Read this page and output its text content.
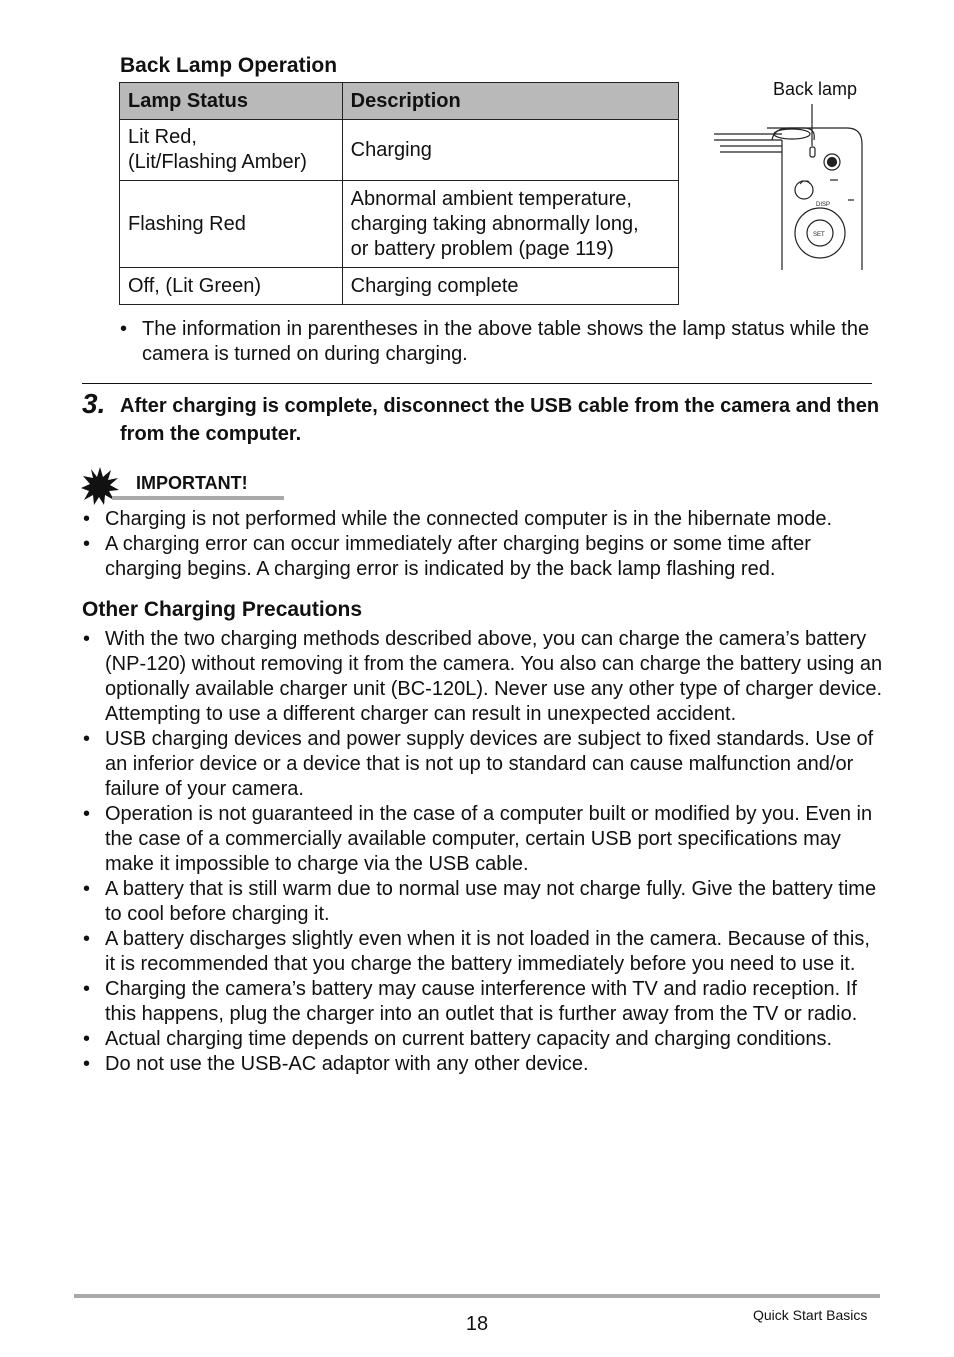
Back Lamp Operation
Lamp Status	Description
Lit Red,
(Lit/Flashing Amber)	Charging
Flashing Red	Abnormal ambient temperature,
charging taking abnormally long,
or battery problem (page 119)
Off, (Lit Green)	Charging complete
Back lamp
DISP
SET
• The information in parentheses in the above table shows the lamp status while the camera is turned on during charging.
3. After charging is complete, disconnect the USB cable from the camera and then from the computer.
IMPORTANT!
• Charging is not performed while the connected computer is in the hibernate mode.
• A charging error can occur immediately after charging begins or some time after charging begins. A charging error is indicated by the back lamp flashing red.
Other Charging Precautions
• With the two charging methods described above, you can charge the camera’s battery (NP-120) without removing it from the camera. You also can charge the battery using an optionally available charger unit (BC-120L). Never use any other type of charger device. Attempting to use a different charger can result in unexpected accident.
• USB charging devices and power supply devices are subject to fixed standards. Use of an inferior device or a device that is not up to standard can cause malfunction and/or failure of your camera.
• Operation is not guaranteed in the case of a computer built or modified by you. Even in the case of a commercially available computer, certain USB port specifications may make it impossible to charge via the USB cable.
• A battery that is still warm due to normal use may not charge fully. Give the battery time to cool before charging it.
• A battery discharges slightly even when it is not loaded in the camera. Because of this, it is recommended that you charge the battery immediately before you need to use it.
• Charging the camera’s battery may cause interference with TV and radio reception. If this happens, plug the charger into an outlet that is further away from the TV or radio.
• Actual charging time depends on current battery capacity and charging conditions.
• Do not use the USB-AC adaptor with any other device.
18	Quick Start Basics
